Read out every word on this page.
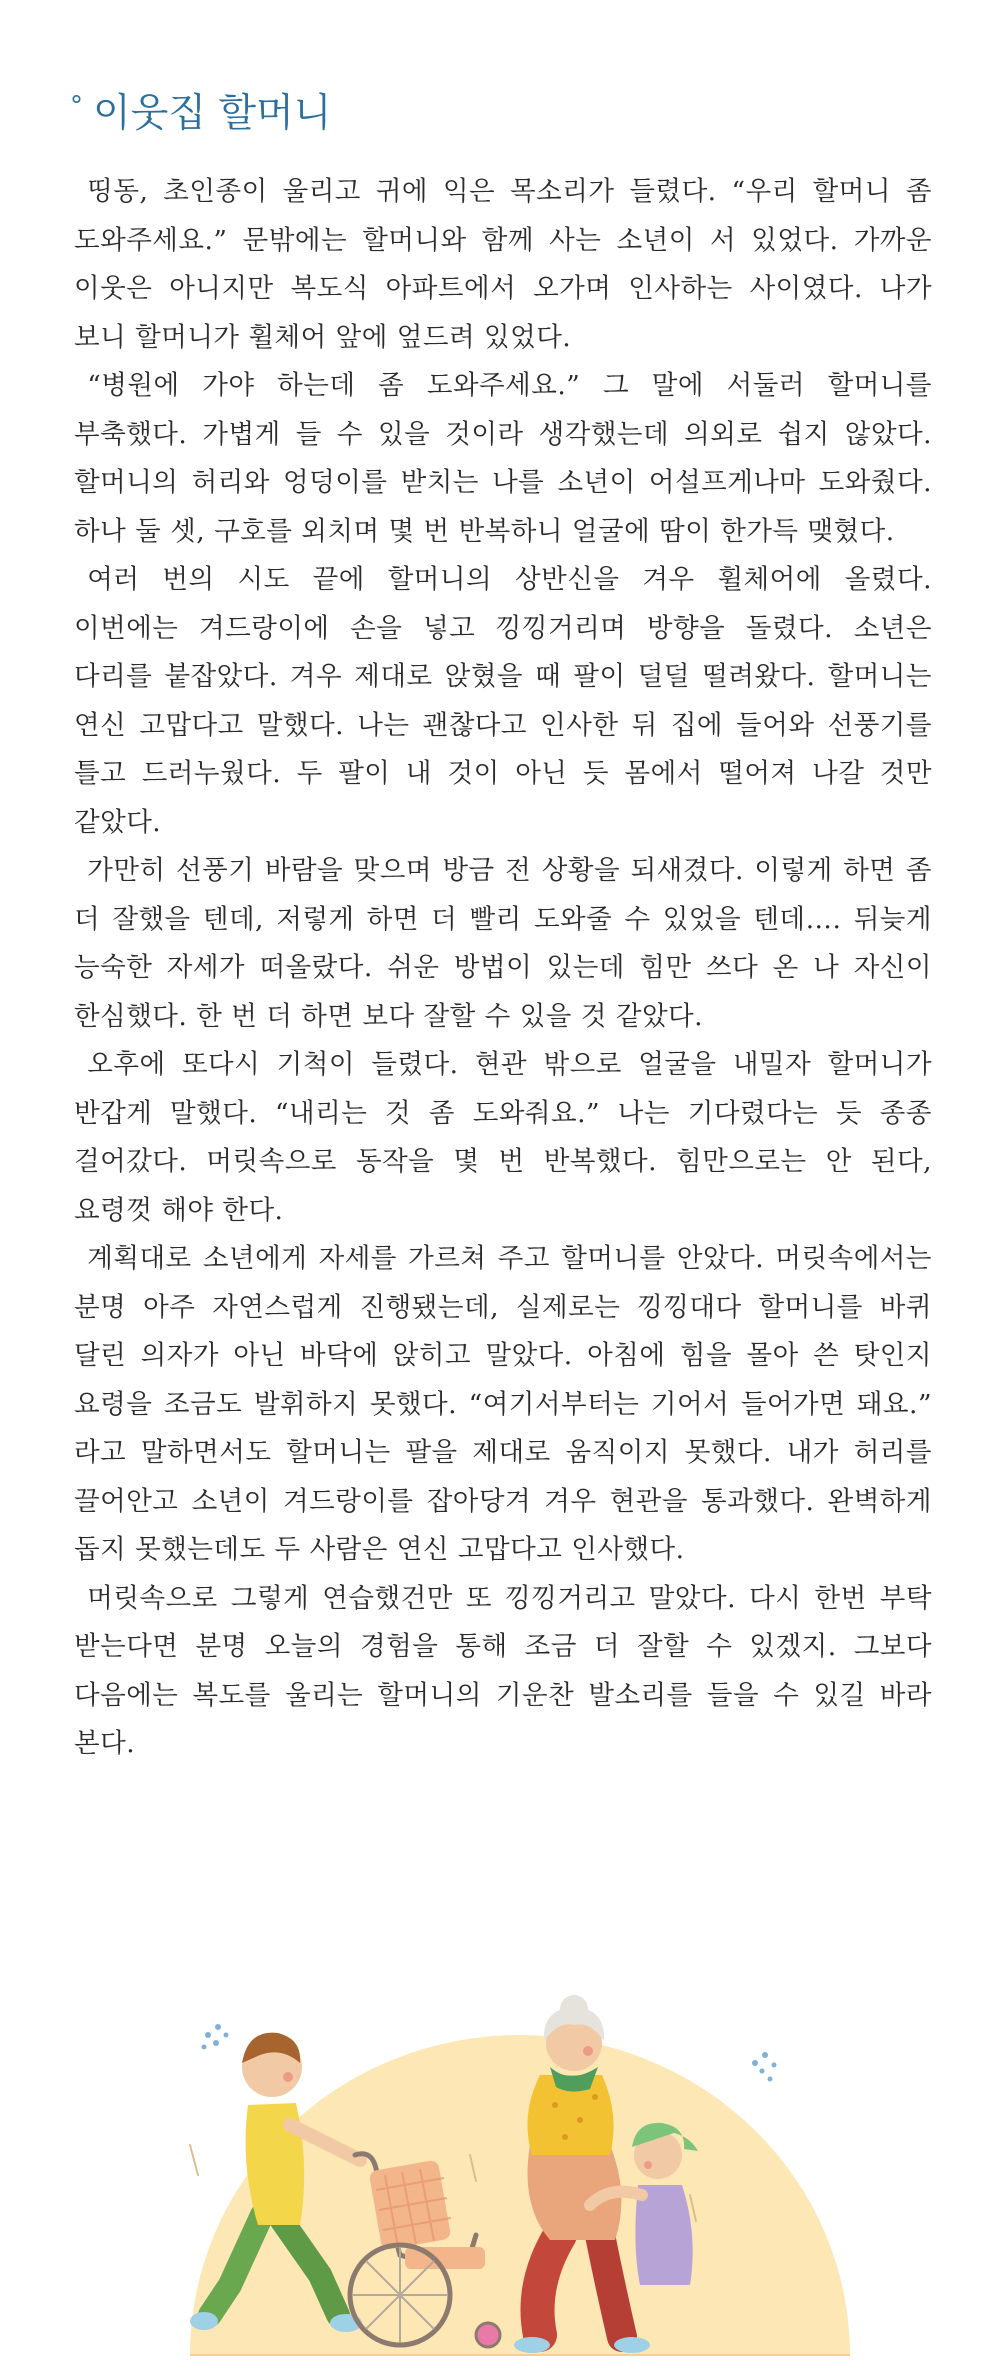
° 이웃집 할머니

띵동, 초인종이 울리고 귀에 익은 목소리가 들렸다. “우리 할머니 좀 도와주세요.” 문밖에는 할머니와 함께 사는 소년이 서 있었다. 가까운 이웃은 아니지만 복도식 아파트에서 오가며 인사하는 사이였다. 나가 보니 할머니가 휠체어 앞에 엎드려 있었다.

“병원에 가야 하는데 좀 도와주세요.” 그 말에 서둘러 할머니를 부축했다. 가볍게 들 수 있을 것이라 생각했는데 의외로 쉽지 않았다. 할머니의 허리와 엉덩이를 받치는 나를 소년이 어설프게나마 도와줬다. 하나 둘 셋, 구호를 외치며 몇 번 반복하니 얼굴에 땀이 한가득 맺혔다.

여러 번의 시도 끝에 할머니의 상반신을 겨우 휠체어에 올렸다. 이번에는 겨드랑이에 손을 넣고 낑낑거리며 방향을 돌렸다. 소년은 다리를 붙잡았다. 겨우 제대로 앉혔을 때 팔이 덜덜 떨려왔다. 할머니는 연신 고맙다고 말했다. 나는 괜찮다고 인사한 뒤 집에 들어와 선풍기를 틀고 드러누웠다. 두 팔이 내 것이 아닌 듯 몸에서 떨어져 나갈 것만 같았다.

가만히 선풍기 바람을 맞으며 방금 전 상황을 되새겼다. 이렇게 하면 좀 더 잘했을 텐데, 저렇게 하면 더 빨리 도와줄 수 있었을 텐데…. 뒤늦게 능숙한 자세가 떠올랐다. 쉬운 방법이 있는데 힘만 쓰다 온 나 자신이 한심했다. 한 번 더 하면 보다 잘할 수 있을 것 같았다.

오후에 또다시 기척이 들렸다. 현관 밖으로 얼굴을 내밀자 할머니가 반갑게 말했다. “내리는 것 좀 도와줘요.” 나는 기다렸다는 듯 종종 걸어갔다. 머릿속으로 동작을 몇 번 반복했다. 힘만으로는 안 된다, 요령껏 해야 한다.

계획대로 소년에게 자세를 가르쳐 주고 할머니를 안았다. 머릿속에서는 분명 아주 자연스럽게 진행됐는데, 실제로는 낑낑대다 할머니를 바퀴 달린 의자가 아닌 바닥에 앉히고 말았다. 아침에 힘을 몰아 쓴 탓인지 요령을 조금도 발휘하지 못했다. “여기서부터는 기어서 들어가면 돼요.” 라고 말하면서도 할머니는 팔을 제대로 움직이지 못했다. 내가 허리를 끌어안고 소년이 겨드랑이를 잡아당겨 겨우 현관을 통과했다. 완벽하게 돕지 못했는데도 두 사람은 연신 고맙다고 인사했다.

머릿속으로 그렇게 연습했건만 또 낑낑거리고 말았다. 다시 한번 부탁 받는다면 분명 오늘의 경험을 통해 조금 더 잘할 수 있겠지. 그보다 다음에는 복도를 울리는 할머니의 기운찬 발소리를 들을 수 있길 바라 본다.
